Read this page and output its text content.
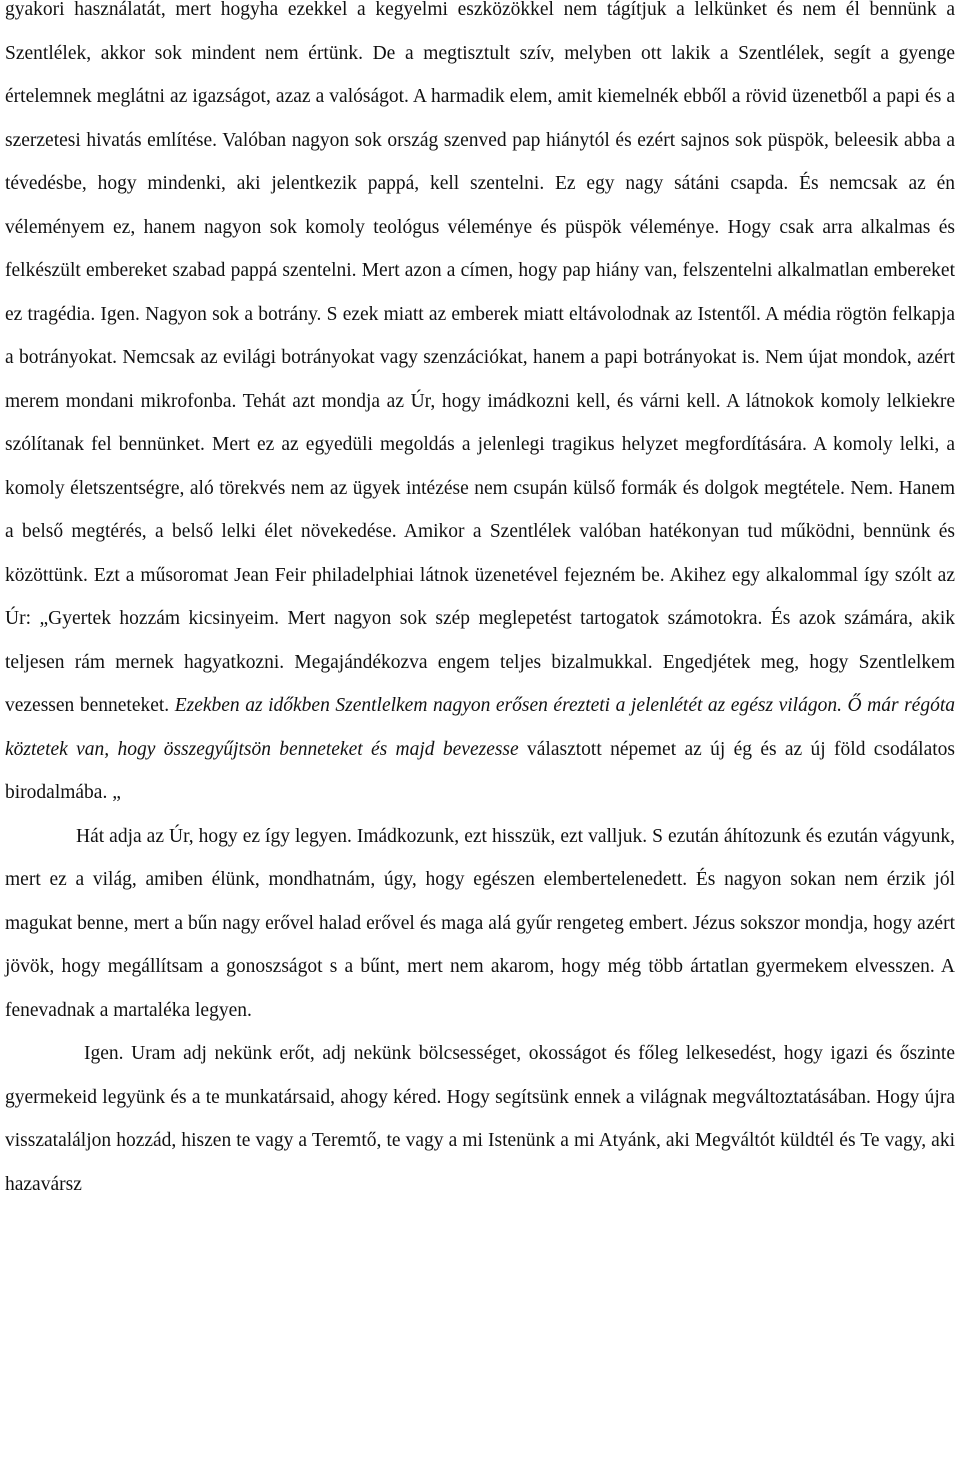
gyakori használatát, mert hogyha ezekkel a kegyelmi eszközökkel nem tágítjuk a lelkünket és nem él bennünk a Szentlélek, akkor sok mindent nem értünk. De a megtisztult szív, melyben ott lakik a Szentlélek, segít a gyenge értelemnek meglátni az igazságot, azaz a valóságot. A harmadik elem, amit kiemelnék ebből a rövid üzenetből a papi és a szerzetesi hivatás említése. Valóban nagyon sok ország szenved pap hiánytól és ezért sajnos sok püspök, beleesik abba a tévedésbe, hogy mindenki, aki jelentkezik pappá, kell szentelni. Ez egy nagy sátáni csapda. És nemcsak az én véleményem ez, hanem nagyon sok komoly teológus véleménye és püspök véleménye. Hogy csak arra alkalmas és felkészült embereket szabad pappá szentelni. Mert azon a címen, hogy pap hiány van, felszentelni alkalmatlan embereket ez tragédia. Igen. Nagyon sok a botrány. S ezek miatt az emberek miatt eltávolodnak az Istentől. A média rögtön felkapja a botrányokat. Nemcsak az evilági botrányokat vagy szenzációkat, hanem a papi botrányokat is. Nem újat mondok, azért merem mondani mikrofonba. Tehát azt mondja az Úr, hogy imádkozni kell, és várni kell. A látnokok komoly lelkiekre szólítanak fel bennünket. Mert ez az egyedüli megoldás a jelenlegi tragikus helyzet megfordítására. A komoly lelki, a komoly életszentségre, aló törekvés nem az ügyek intézése nem csupán külső formák és dolgok megtétele. Nem. Hanem a belső megtérés, a belső lelki élet növekedése. Amikor a Szentlélek valóban hatékonyan tud működni, bennünk és közöttünk. Ezt a műsoromat Jean Feir philadelphiai látnok üzenetével fejezném be. Akihez egy alkalommal így szólt az Úr: „Gyertek hozzám kicsinyeim. Mert nagyon sok szép meglepetést tartogatok számotokra. És azok számára, akik teljesen rám mernek hagyatkozni. Megajándékozva engem teljes bizalmukkal. Engedjétek meg, hogy Szentlelkem vezessen benneteket. Ezekben az időkben Szentlelkem nagyon erősen érezteti a jelenlétét az egész világon. Ő már régóta köztetek van, hogy összegyűjtsön benneteket és majd bevezesse választott népemet az új ég és az új föld csodálatos birodalmába. „

Hát adja az Úr, hogy ez így legyen. Imádkozunk, ezt hisszük, ezt valljuk. S ezután áhítozunk és ezután vágyunk, mert ez a világ, amiben élünk, mondhatnám, úgy, hogy egészen elembertelenedett. És nagyon sokan nem érzik jól magukat benne, mert a bűn nagy erővel halad erővel és maga alá gyűr rengeteg embert. Jézus sokszor mondja, hogy azért jövök, hogy megállítsam a gonoszságot s a bűnt, mert nem akarom, hogy még több ártatlan gyermekem elvesszen. A fenevadnak a martaléka legyen.

Igen. Uram adj nekünk erőt, adj nekünk bölcsességet, okosságot és főleg lelkesedést, hogy igazi és őszinte gyermekeid legyünk és a te munkatársaid, ahogy kéred. Hogy segítsünk ennek a világnak megváltoztatásában. Hogy újra visszataláljon hozzád, hiszen te vagy a Teremtő, te vagy a mi Istenünk a mi Atyánk, aki Megváltót küldtél és Te vagy, aki hazavársz
